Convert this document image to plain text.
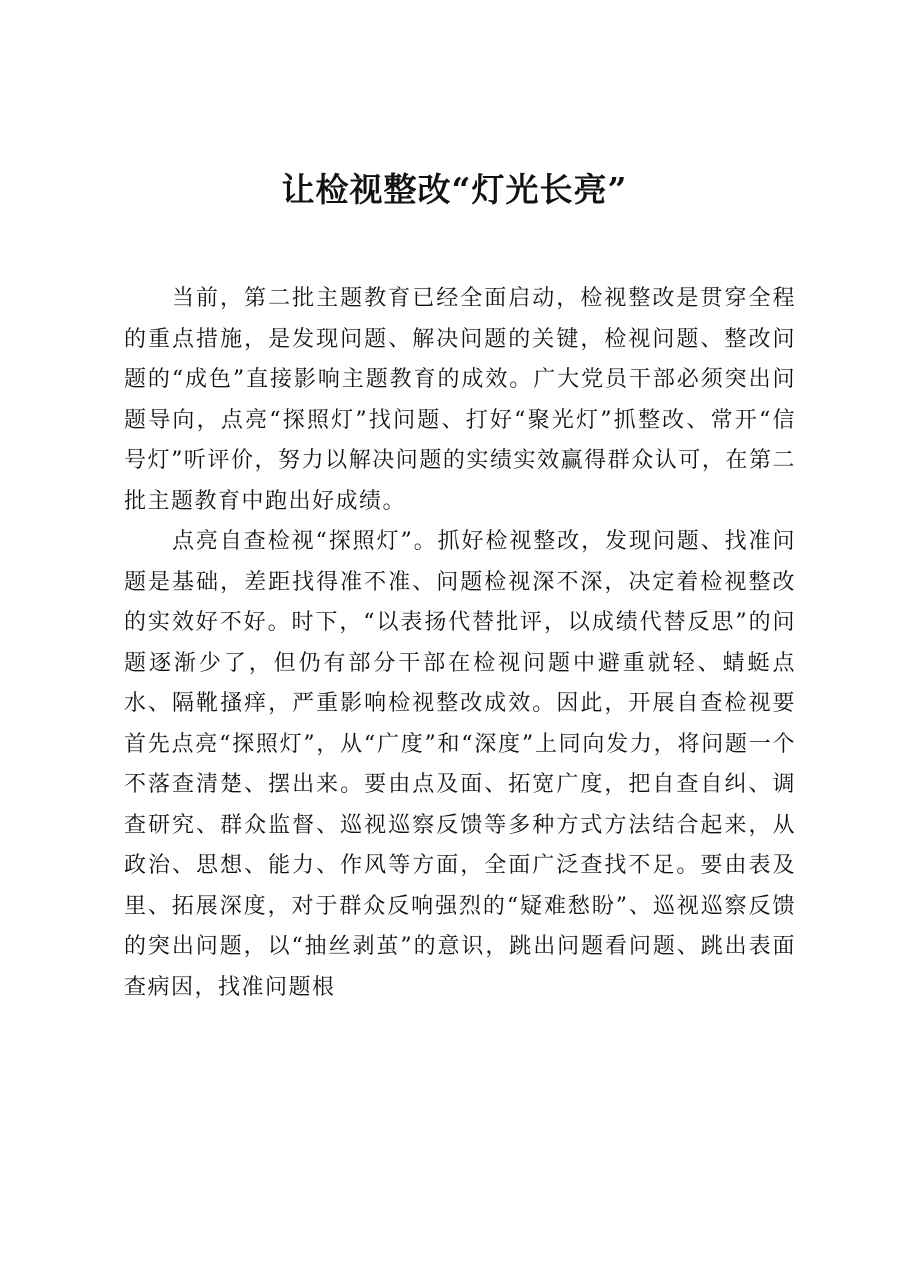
让检视整改“灯光长亮”

当前，第二批主题教育已经全面启动，检视整改是贯穿全程的重点措施，是发现问题、解决问题的关键，检视问题、整改问题的“成色”直接影响主题教育的成效。广大党员干部必须突出问题导向，点亮“探照灯”找问题、打好“聚光灯”抓整改、常开“信号灯”听评价，努力以解决问题的实绩实效赢得群众认可，在第二批主题教育中跑出好成绩。

点亮自查检视“探照灯”。抓好检视整改，发现问题、找准问题是基础，差距找得准不准、问题检视深不深，决定着检视整改的实效好不好。时下，“以表扬代替批评，以成绩代替反思”的问题逐渐少了，但仍有部分干部在检视问题中避重就轻、蜻蜓点水、隔靴搔痒，严重影响检视整改成效。因此，开展自查检视要首先点亮“探照灯”，从“广度”和“深度”上同向发力，将问题一个不落查清楚、摆出来。要由点及面、拓宽广度，把自查自纠、调查研究、群众监督、巡视巡察反馈等多种方式方法结合起来，从政治、思想、能力、作风等方面，全面广泛查找不足。要由表及里、拓展深度，对于群众反响强烈的“疑难愁盼”、巡视巡察反馈的突出问题，以“抽丝剥茧”的意识，跳出问题看问题、跳出表面查病因，找准问题根
